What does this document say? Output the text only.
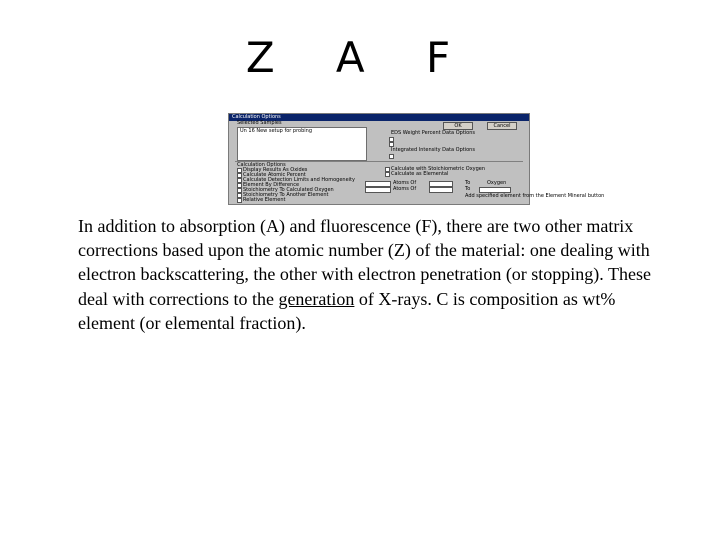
Z A F
Calculation Options
Selected Samples
Un 16 New setup for probing
OK	Cancel
EDS Weight Percent Data Options
Integrated Intensity Data Options
Calculation Options
Display Results As Oxides
Calculate Atomic Percent
Calculate Detection Limits and Homogeneity
Element By Difference
Stoichiometry To Calculated Oxygen
Stoichiometry To Another Element
Relative Element
Calculate with Stoichiometric Oxygen
Calculate as Elemental
Atoms Of	To	Oxygen
Atoms Of	To
Add specified element from the Element Mineral button
In addition to absorption (A) and fluorescence (F), there are two other matrix corrections based upon the atomic number (Z) of the material: one dealing with electron backscattering, the other with electron penetration (or stopping). These deal with corrections to the generation of X-rays. C is composition as wt% element (or elemental fraction).
